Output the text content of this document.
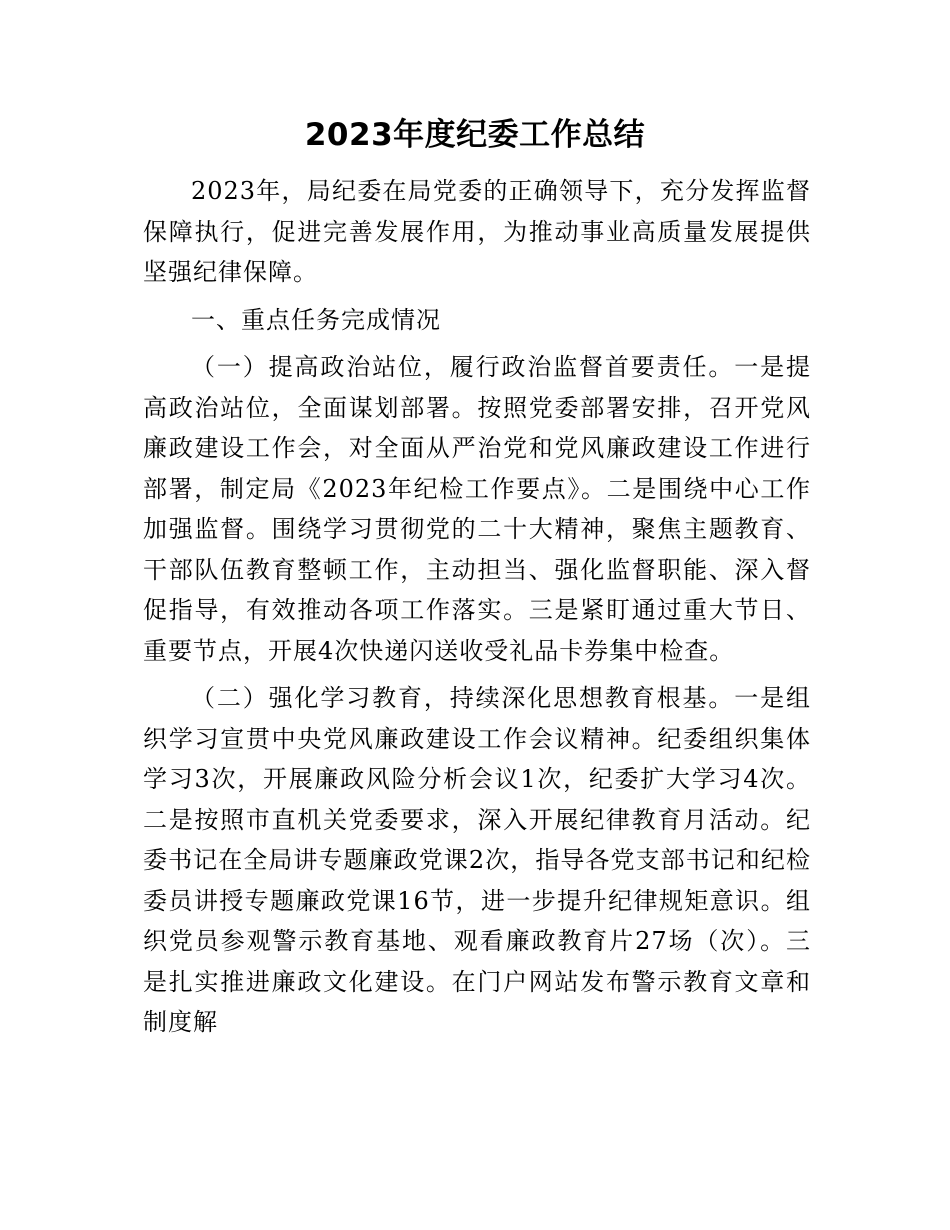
2023年度纪委工作总结

2023年，局纪委在局党委的正确领导下，充分发挥监督保障执行，促进完善发展作用，为推动事业高质量发展提供坚强纪律保障。

一、重点任务完成情况

（一）提高政治站位，履行政治监督首要责任。一是提高政治站位，全面谋划部署。按照党委部署安排，召开党风廉政建设工作会，对全面从严治党和党风廉政建设工作进行部署，制定局《2023年纪检工作要点》。二是围绕中心工作加强监督。围绕学习贯彻党的二十大精神，聚焦主题教育、干部队伍教育整顿工作，主动担当、强化监督职能、深入督促指导，有效推动各项工作落实。三是紧盯通过重大节日、重要节点，开展4次快递闪送收受礼品卡券集中检查。

（二）强化学习教育，持续深化思想教育根基。一是组织学习宣贯中央党风廉政建设工作会议精神。纪委组织集体学习3次，开展廉政风险分析会议1次，纪委扩大学习4次。二是按照市直机关党委要求，深入开展纪律教育月活动。纪委书记在全局讲专题廉政党课2次，指导各党支部书记和纪检委员讲授专题廉政党课16节，进一步提升纪律规矩意识。组织党员参观警示教育基地、观看廉政教育片27场（次）。三是扎实推进廉政文化建设。在门户网站发布警示教育文章和制度解
